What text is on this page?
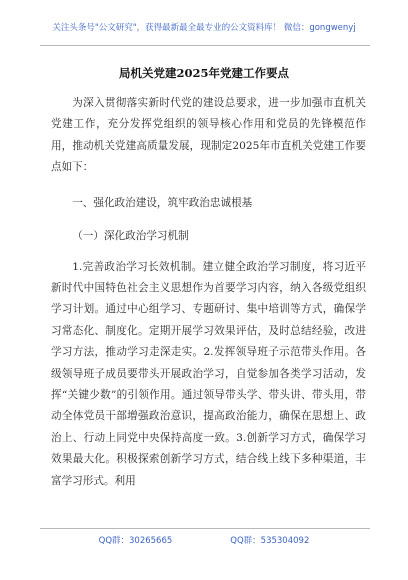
关注头条号"公文研究"，获得最新最全最专业的公文资料库！ 微信：gongwenyj
局机关党建2025年党建工作要点

为深入贯彻落实新时代党的建设总要求，进一步加强市直机关党建工作，充分发挥党组织的领导核心作用和党员的先锋模范作用，推动机关党建高质量发展，现制定2025年市直机关党建工作要点如下：

一、强化政治建设，筑牢政治忠诚根基

（一）深化政治学习机制

1.完善政治学习长效机制。建立健全政治学习制度，将习近平新时代中国特色社会主义思想作为首要学习内容，纳入各级党组织学习计划。通过中心组学习、专题研讨、集中培训等方式，确保学习常态化、制度化。定期开展学习效果评估，及时总结经验，改进学习方法，推动学习走深走实。2.发挥领导班子示范带头作用。各级领导班子成员要带头开展政治学习，自觉参加各类学习活动，发挥“关键少数”的引领作用。通过领导带头学、带头讲、带头用，带动全体党员干部增强政治意识，提高政治能力，确保在思想上、政治上、行动上同党中央保持高度一致。3.创新学习方式，确保学习效果最大化。积极探索创新学习方式，结合线上线下多种渠道，丰富学习形式。利用

QQ群：30265665	QQ群：535304092
